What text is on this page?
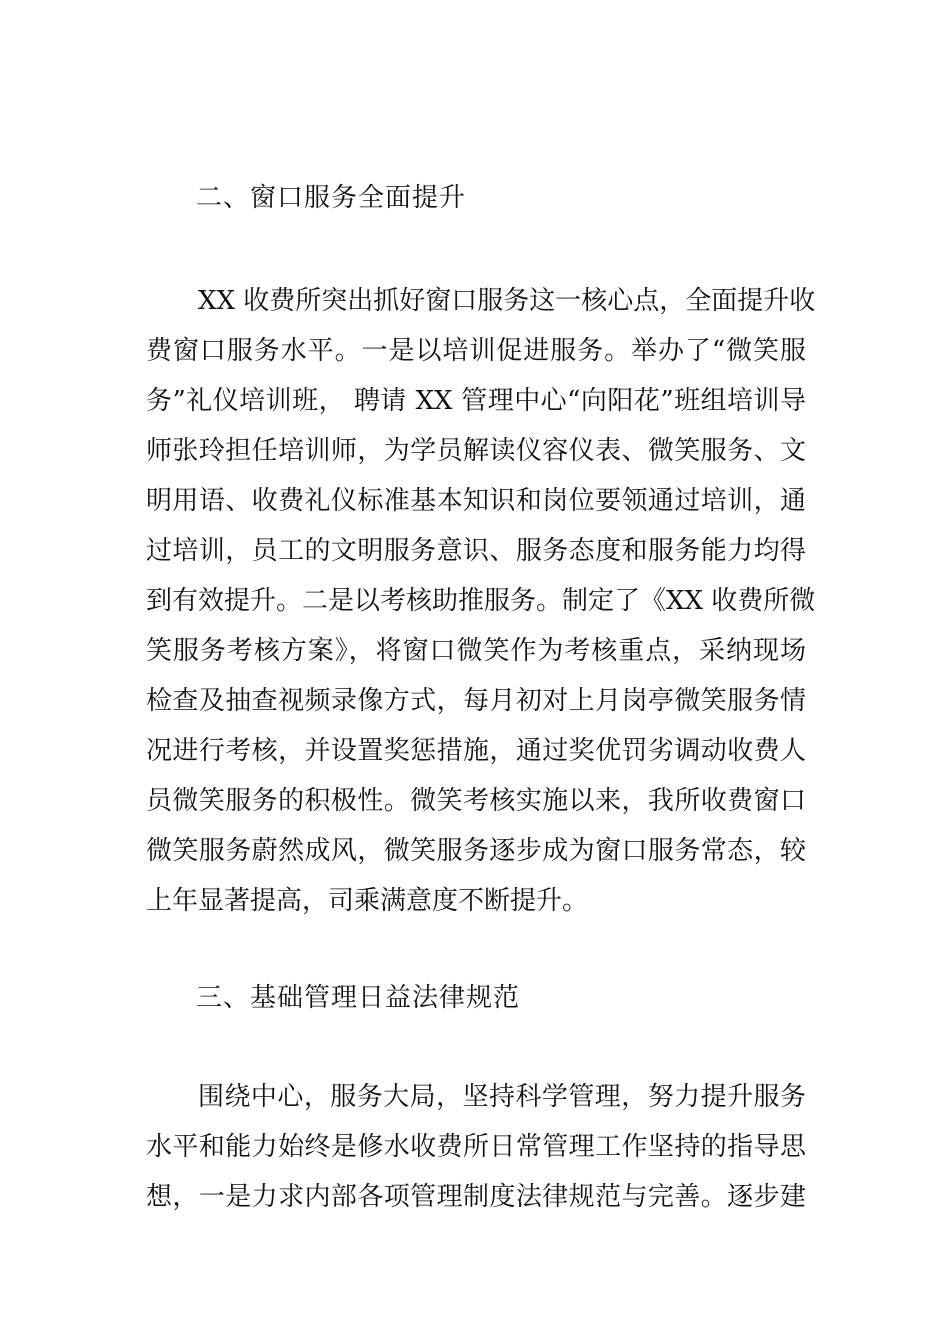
二、窗口服务全面提升
XX 收费所突出抓好窗口服务这一核心点，全面提升收
费窗口服务水平。一是以培训促进服务。举办了“微笑服
务”礼仪培训班， 聘请 XX 管理中心“向阳花”班组培训导
师张玲担任培训师，为学员解读仪容仪表、微笑服务、文
明用语、收费礼仪标准基本知识和岗位要领通过培训，通
过培训，员工的文明服务意识、服务态度和服务能力均得
到有效提升。二是以考核助推服务。制定了《XX 收费所微
笑服务考核方案》，将窗口微笑作为考核重点，采纳现场
检查及抽查视频录像方式，每月初对上月岗亭微笑服务情
况进行考核，并设置奖惩措施，通过奖优罚劣调动收费人
员微笑服务的积极性。微笑考核实施以来，我所收费窗口
微笑服务蔚然成风，微笑服务逐步成为窗口服务常态，较
上年显著提高，司乘满意度不断提升。
三、基础管理日益法律规范
围绕中心，服务大局，坚持科学管理，努力提升服务
水平和能力始终是修水收费所日常管理工作坚持的指导思
想，一是力求内部各项管理制度法律规范与完善。逐步建
